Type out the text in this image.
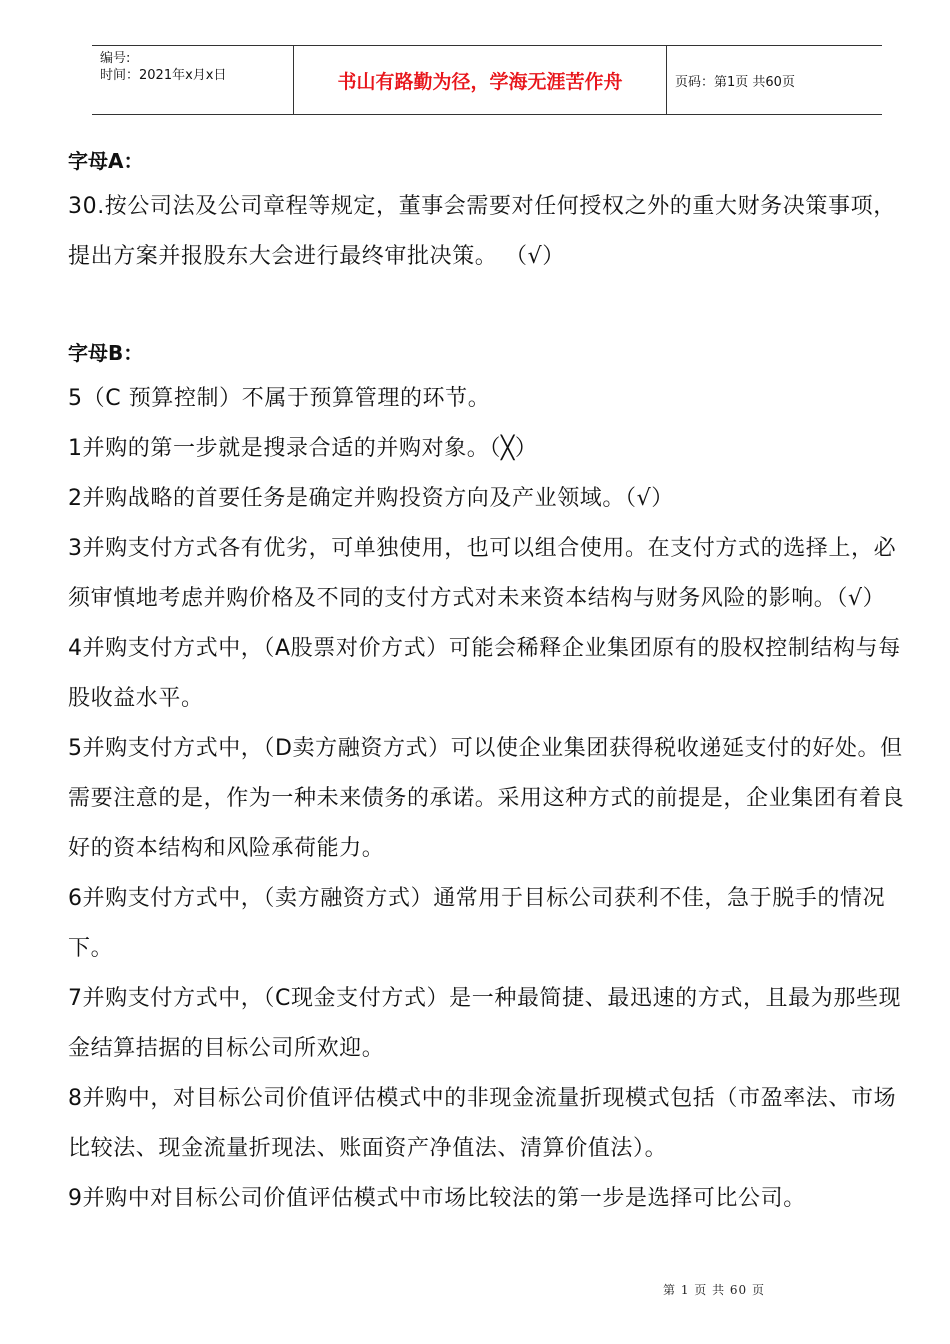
编号:
时间：2021年x月x日	书山有路勤为径，学海无涯苦作舟	页码：第1页 共60页
字母A：

30.按公司法及公司章程等规定，董事会需要对任何授权之外的重大财务决策事项，提出方案并报股东大会进行最终审批决策。 （√）

字母B：

5（C 预算控制）不属于预算管理的环节。

1并购的第一步就是搜录合适的并购对象。（╳）

2并购战略的首要任务是确定并购投资方向及产业领域。（√）

3并购支付方式各有优劣，可单独使用，也可以组合使用。在支付方式的选择上，必须审慎地考虑并购价格及不同的支付方式对未来资本结构与财务风险的影响。（√）

4并购支付方式中，（A股票对价方式）可能会稀释企业集团原有的股权控制结构与每股收益水平。

5并购支付方式中，（D卖方融资方式）可以使企业集团获得税收递延支付的好处。但需要注意的是，作为一种未来债务的承诺。采用这种方式的前提是，企业集团有着良好的资本结构和风险承荷能力。

6并购支付方式中，（卖方融资方式）通常用于目标公司获利不佳，急于脱手的情况下。

7并购支付方式中，（C现金支付方式）是一种最简捷、最迅速的方式，且最为那些现金结算拮据的目标公司所欢迎。

8并购中，对目标公司价值评估模式中的非现金流量折现模式包括（市盈率法、市场比较法、现金流量折现法、账面资产净值法、清算价值法）。

9并购中对目标公司价值评估模式中市场比较法的第一步是选择可比公司。

第 1 页 共 60 页
